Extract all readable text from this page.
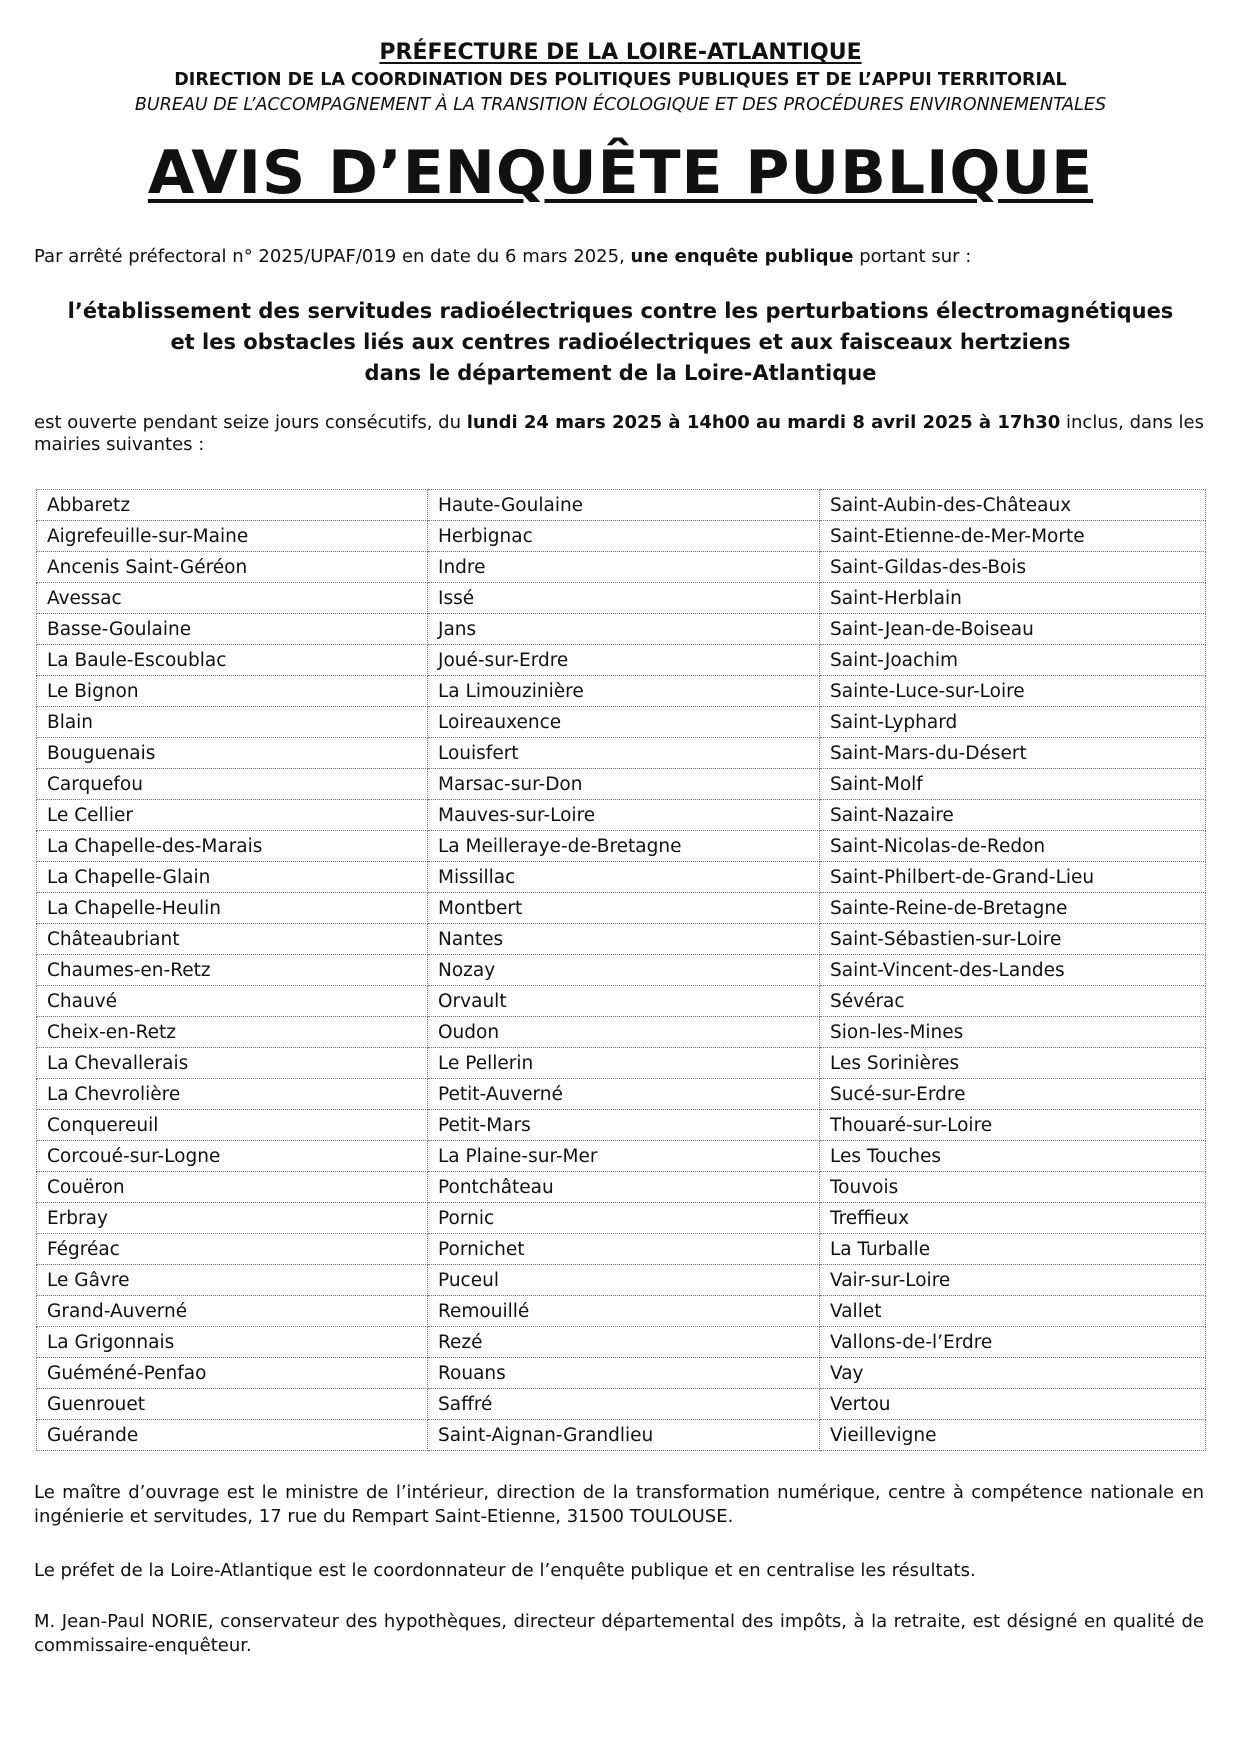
PRÉFECTURE DE LA LOIRE-ATLANTIQUE
DIRECTION DE LA COORDINATION DES POLITIQUES PUBLIQUES ET DE L’APPUI TERRITORIAL
BUREAU DE L’ACCOMPAGNEMENT À LA TRANSITION ÉCOLOGIQUE ET DES PROCÉDURES ENVIRONNEMENTALES
AVIS D’ENQUÊTE PUBLIQUE
Par arrêté préfectoral n° 2025/UPAF/019 en date du 6 mars 2025, une enquête publique portant sur :
l’établissement des servitudes radioélectriques contre les perturbations électromagnétiques
et les obstacles liés aux centres radioélectriques et aux faisceaux hertziens
dans le département de la Loire-Atlantique
est ouverte pendant seize jours consécutifs, du lundi 24 mars 2025 à 14h00 au mardi 8 avril 2025 à 17h30 inclus, dans les mairies suivantes :
Abbaretz	Haute-Goulaine	Saint-Aubin-des-Châteaux
Aigrefeuille-sur-Maine	Herbignac	Saint-Etienne-de-Mer-Morte
Ancenis Saint-Géréon	Indre	Saint-Gildas-des-Bois
Avessac	Issé	Saint-Herblain
Basse-Goulaine	Jans	Saint-Jean-de-Boiseau
La Baule-Escoublac	Joué-sur-Erdre	Saint-Joachim
Le Bignon	La Limouzinière	Sainte-Luce-sur-Loire
Blain	Loireauxence	Saint-Lyphard
Bouguenais	Louisfert	Saint-Mars-du-Désert
Carquefou	Marsac-sur-Don	Saint-Molf
Le Cellier	Mauves-sur-Loire	Saint-Nazaire
La Chapelle-des-Marais	La Meilleraye-de-Bretagne	Saint-Nicolas-de-Redon
La Chapelle-Glain	Missillac	Saint-Philbert-de-Grand-Lieu
La Chapelle-Heulin	Montbert	Sainte-Reine-de-Bretagne
Châteaubriant	Nantes	Saint-Sébastien-sur-Loire
Chaumes-en-Retz	Nozay	Saint-Vincent-des-Landes
Chauvé	Orvault	Sévérac
Cheix-en-Retz	Oudon	Sion-les-Mines
La Chevallerais	Le Pellerin	Les Sorinières
La Chevrolière	Petit-Auverné	Sucé-sur-Erdre
Conquereuil	Petit-Mars	Thouaré-sur-Loire
Corcoué-sur-Logne	La Plaine-sur-Mer	Les Touches
Couëron	Pontchâteau	Touvois
Erbray	Pornic	Treffieux
Fégréac	Pornichet	La Turballe
Le Gâvre	Puceul	Vair-sur-Loire
Grand-Auverné	Remouillé	Vallet
La Grigonnais	Rezé	Vallons-de-l’Erdre
Guéméné-Penfao	Rouans	Vay
Guenrouet	Saffré	Vertou
Guérande	Saint-Aignan-Grandlieu	Vieillevigne
Le maître d’ouvrage est le ministre de l’intérieur, direction de la transformation numérique, centre à compétence nationale en ingénierie et servitudes, 17 rue du Rempart Saint-Etienne, 31500 TOULOUSE.
Le préfet de la Loire-Atlantique est le coordonnateur de l’enquête publique et en centralise les résultats.
M. Jean-Paul NORIE, conservateur des hypothèques, directeur départemental des impôts, à la retraite, est désigné en qualité de commissaire-enquêteur.
